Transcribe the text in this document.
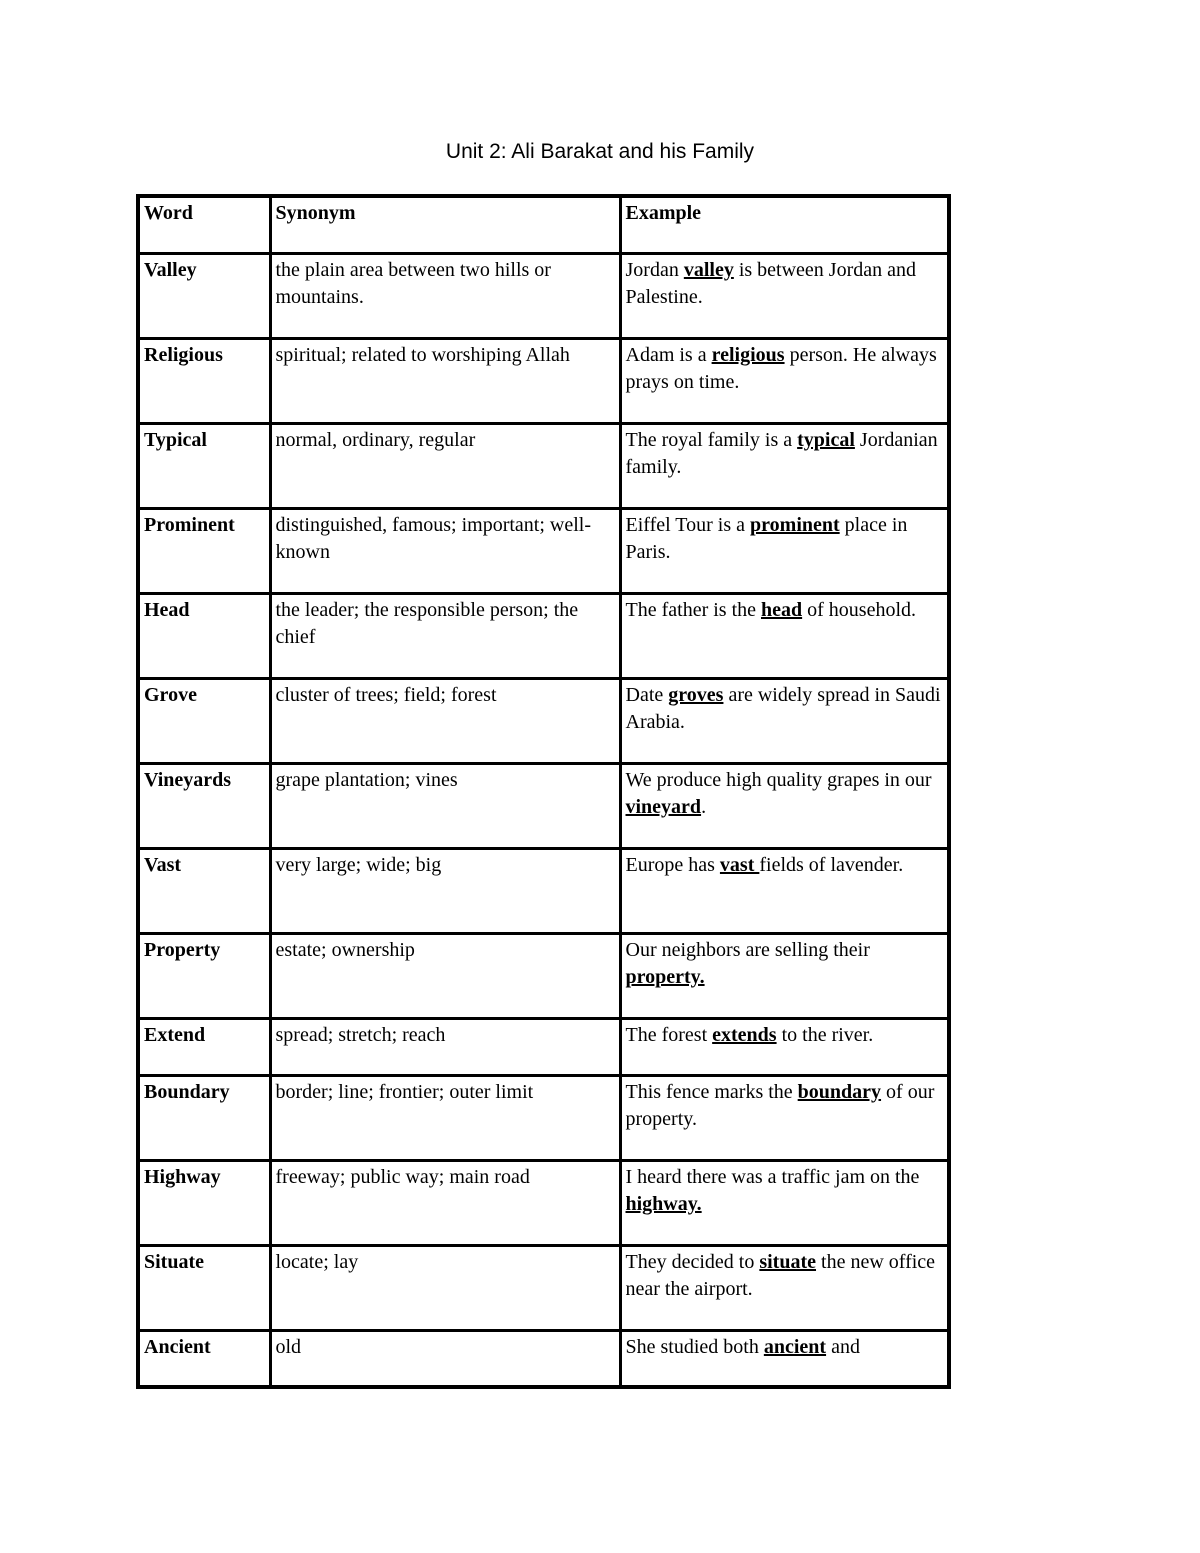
Unit 2: Ali Barakat and his Family
Word	Synonym	Example
Valley	the plain area between two hills or mountains.	Jordan valley is between Jordan and Palestine.
Religious	spiritual; related to worshiping Allah	Adam is a religious person. He always prays on time.
Typical	normal, ordinary, regular	The royal family is a typical Jordanian family.
Prominent	distinguished, famous; important; well-known	Eiffel Tour is a prominent place in Paris.
Head	the leader; the responsible person; the chief	The father is the head of household.
Grove	cluster of trees; field; forest	Date groves are widely spread in Saudi Arabia.
Vineyards	grape plantation; vines	We produce high quality grapes in our vineyard.
Vast	very large; wide; big	Europe has vast fields of lavender.
Property	estate; ownership	Our neighbors are selling their property.
Extend	spread; stretch; reach	The forest extends to the river.
Boundary	border; line; frontier; outer limit	This fence marks the boundary of our property.
Highway	freeway; public way; main road	I heard there was a traffic jam on the highway.
Situate	locate; lay	They decided to situate the new office near the airport.
Ancient	old	She studied both ancient and
